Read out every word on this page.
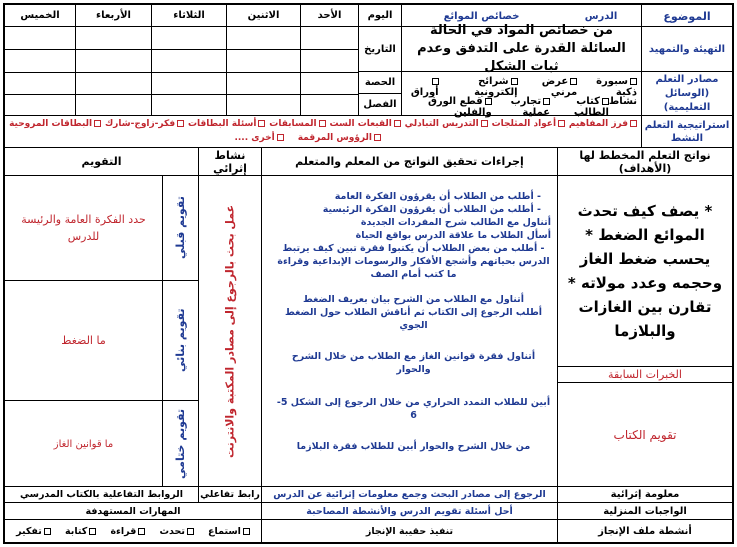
الموضوع
الدرس
خصائص الموائع
اليوم
الأحد
الاثنين
الثلاثاء
الأربعاء
الخميس
التاريخ
الحصة
الفصل
التهيئة والتمهيد
من خصائص المواد في الحالة السائلة القدرة على التدفق وعدم ثبات الشكل
مصادر التعلم (الوسائل التعليمية)
سبورة ذكية
عرض مرني
شرائح إلكترونية
أوراق
نشاط
كتاب الطالب
تجارب عملية
قطع الورق والفلين
استراتيجية التعلم النشط
فرز المفاهيم
أعواد المثلجات
التدريس التبادلي
القبعات الست
المسابقات
أسئلة البطاقات
فكر-زاوج-شارك
البطاقات المروحية
الرؤوس المرقمة
أخرى ....
نواتج التعلم المخطط لها (الأهداف)
إجراءات تحقيق النواتج من المعلم والمتعلم
نشاط إثرائي
التقويم
* يصف كيف تحدث الموائع الضغط * يحسب ضغط الغاز وحجمه وعدد مولاته * تقارن بين الغازات والبلازما
الخبرات السابقة
تقويم الكتاب
- أطلب من الطلاب أن يقرؤون الفكرة العامة
- أطلب من الطلاب أن يقرؤون الفكرة الرئيسية
أتناول مع الطالب شرح المفردات الجديدة
أسأل الطلاب ما علاقة الدرس بواقع الحياة
- أطلب من بعض الطلاب أن يكتبوا فقرة تبين كيف يرتبط الدرس بحياتهم وأشجع الأفكار والرسومات الإبداعية وقراءة ما كتب أمام الصف
أتناول مع الطلاب من الشرح بيان بعريف الضغط
أطلب الرجوع إلى الكتاب ثم أناقش الطلاب حول الضغط الجوي
أتناول فقرة قوانين الغاز مع الطلاب من خلال الشرح والحوار
أبين للطلاب التمدد الحراري من خلال الرجوع إلى الشكل 5-6
من خلال الشرح والحوار أبين للطلاب فقرة البلازما
عمل بحث بالرجوع إلى مصادر المكتبة والانترنت
تقويم قبلي
حدد الفكرة العامة والرئيسة للدرس
تقويم بنائي
ما الضغط
تقويم ختامي
ما قوانين الغاز
معلومة إثرائية
الرجوع إلى مصادر البحث وجمع معلومات إثرائية عن الدرس
رابط تفاعلي
الروابط التفاعلية بالكتاب المدرسي
الواجبات المنزلية
أحل أسئلة تقويم الدرس والأنشطة المصاحبة
المهارات المستهدفة
أنشطة ملف الإنجاز
تنفيذ حقيبة الإنجاز
استماع
تحدث
قراءة
كتابة
تفكير
